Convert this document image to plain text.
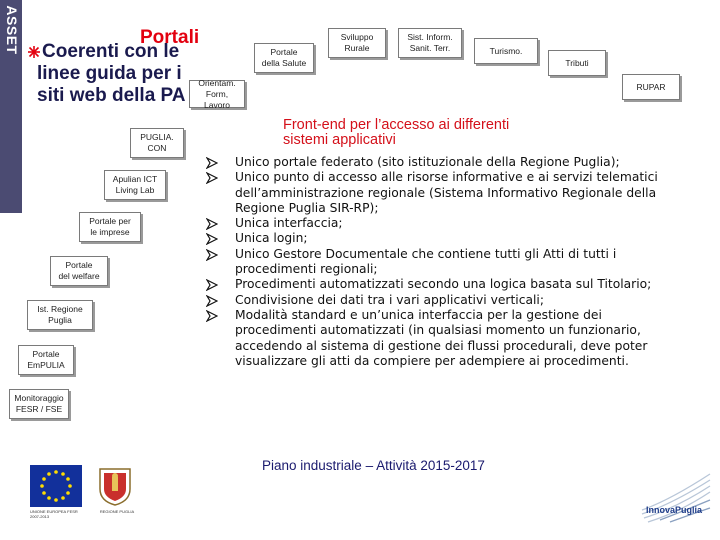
ASSET	Portali
Coerenti con le
linee guida per i
siti web della PA
Portale
della Salute
Sviluppo
Rurale
Sist. Inform.
Sanit. Terr.	Turismo.
Tributi
Orientam.
Form, Lavoro
RUPAR
PUGLIA.
CON
Apulian ICT
Living Lab
Portale per
le imprese
Portale
del welfare
Ist. Regione
Puglia
Portale
EmPULIA
Monitoraggio
FESR / FSE
Front-end per l’accesso ai differenti sistemi applicativi
Unico portale federato (sito istituzionale della Regione Puglia);
Unico punto di accesso alle risorse informative e ai servizi telematici dell’amministrazione regionale (Sistema Informativo Regionale della Regione Puglia SIR-RP);
Unica interfaccia;
Unica login;
Unico Gestore Documentale che contiene tutti gli Atti di tutti i procedimenti regionali;
Procedimenti automatizzati secondo una logica basata sul Titolario;
Condivisione dei dati tra i vari applicativi verticali;
Modalità standard e un’unica interfaccia per la gestione dei procedimenti automatizzati (in qualsiasi momento un funzionario, accedendo al sistema di gestione dei flussi procedurali, deve poter visualizzare gli atti da compiere per adempiere ai procedimenti.
UNIONE EUROPEA FESR 2007-2013
REGIONE PUGLIA
Piano industriale – Attività 2015-2017
InnovaPuglia
